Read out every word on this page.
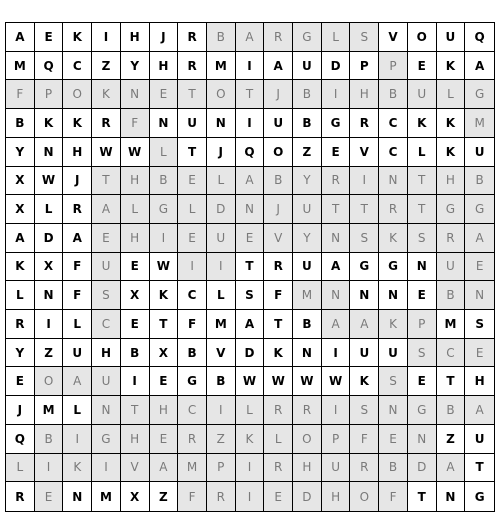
A	E	K	I	H	J	R	B	A	R	G	L	S	V	O	U	Q
M	Q	C	Z	Y	H	R	M	I	A	U	D	P	P	E	K	A
F	P	O	K	N	E	T	O	T	J	B	I	H	B	U	L	G
B	K	K	R	F	N	U	N	I	U	B	G	R	C	K	K	M
Y	N	H	W	W	L	T	J	Q	O	Z	E	V	C	L	K	U
X	W	J	T	H	B	E	L	A	B	Y	R	I	N	T	H	B
X	L	R	A	L	G	L	D	N	J	U	T	T	R	T	G	G
A	D	A	E	H	I	E	U	E	V	Y	N	S	K	S	R	A
K	X	F	U	E	W	I	I	T	R	U	A	G	G	N	U	E
L	N	F	S	X	K	C	L	S	F	M	N	N	N	E	B	N
R	I	L	C	E	T	F	M	A	T	B	A	A	K	P	M	S
Y	Z	U	H	B	X	B	V	D	K	N	I	U	U	S	C	E
E	O	A	U	I	E	G	B	W	W	W	W	K	S	E	T	H
J	M	L	N	T	H	C	I	L	R	R	I	S	N	G	B	A
Q	B	I	G	H	E	R	Z	K	L	O	P	F	E	N	Z	U
L	I	K	I	V	A	M	P	I	R	H	U	R	B	D	A	T
R	E	N	M	X	Z	F	R	I	E	D	H	O	F	T	N	G
